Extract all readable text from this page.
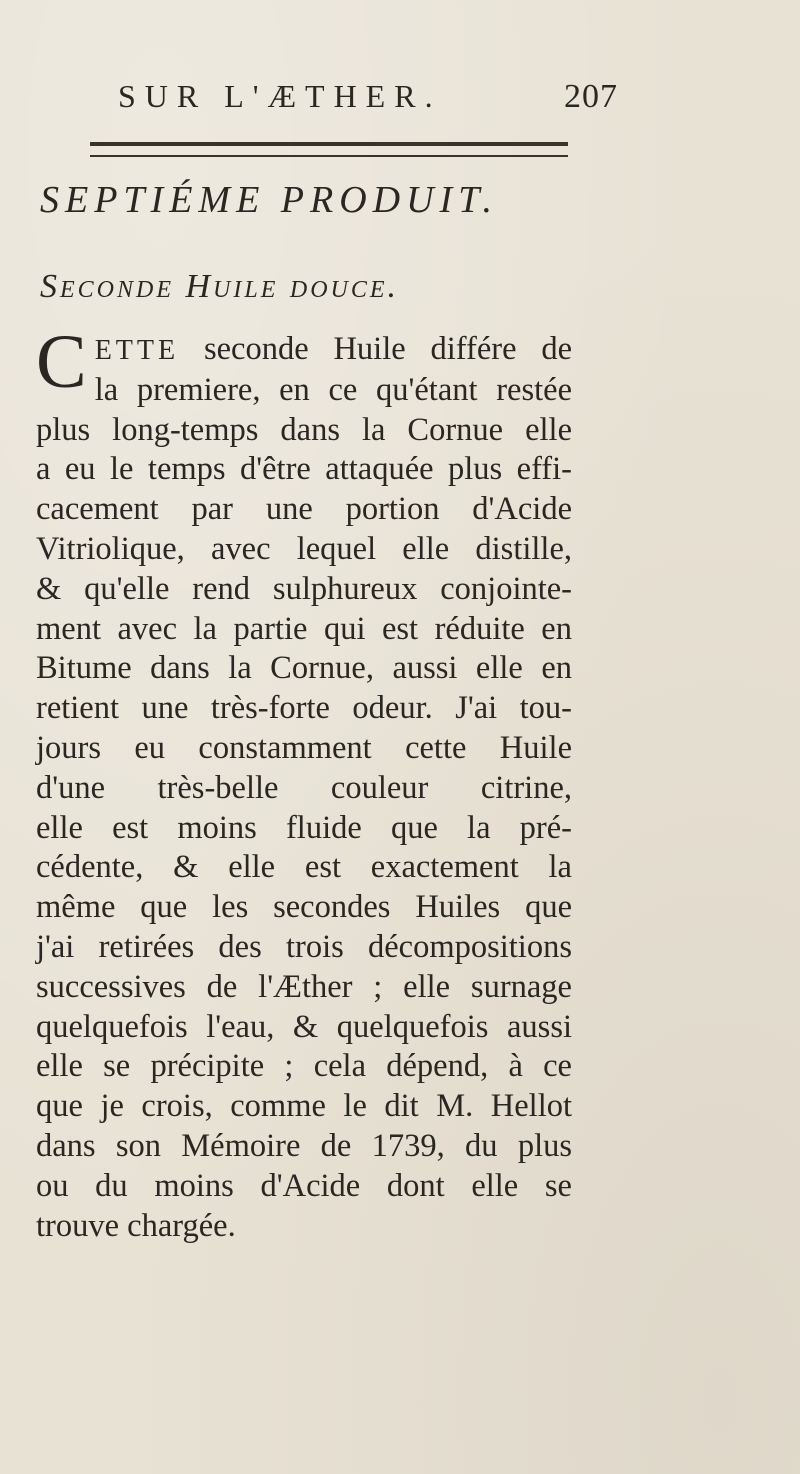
SUR L'ÆTHER.	207
SEPTIÉME PRODUIT.
Seconde Huile douce.
CETTE seconde Huile différe de
la premiere, en ce qu'étant restée
plus long-temps dans la Cornue elle
a eu le temps d'être attaquée plus effi-
cacement par une portion d'Acide
Vitriolique, avec lequel elle distille,
& qu'elle rend sulphureux conjointe-
ment avec la partie qui est réduite en
Bitume dans la Cornue, aussi elle en
retient une très-forte odeur. J'ai tou-
jours eu constamment cette Huile
d'une très-belle couleur citrine,
elle est moins fluide que la pré-
cédente, & elle est exactement la
même que les secondes Huiles que
j'ai retirées des trois décompositions
successives de l'Æther ; elle surnage
quelquefois l'eau, & quelquefois aussi
elle se précipite ; cela dépend, à ce
que je crois, comme le dit M. Hellot
dans son Mémoire de 1739, du plus
ou du moins d'Acide dont elle se
trouve chargée.
